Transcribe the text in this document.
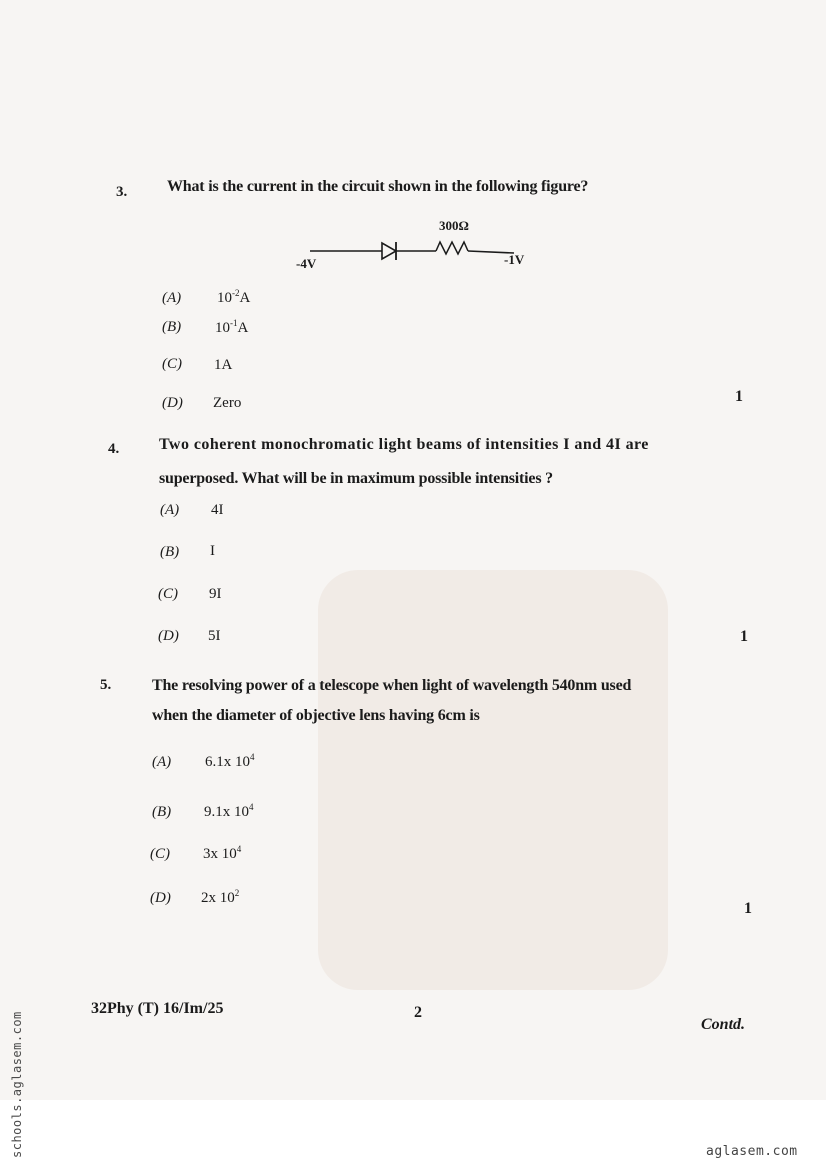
3. What is the current in the circuit shown in the following figure?
300Ω
-4V	-1V
(A) $10^{-2}A$
(B) $10^{-1}A$
(C) 1A
(D) Zero	1
4. Two coherent monochromatic light beams of intensities I and 4I are
superposed. What will be in maximum possible intensities ?
(A) 4I
(B) I
(C) 9I
(D) 5I	1
5.	The resolving power of a telescope when light of wavelength 540nm used
when the diameter of objective lens having 6cm is
(A) 6.1x $10^4$
(B) 9.1x $10^4$
(C) 3x $10^4$
(D) 2x $10^2$
1
32Phy (T) 16/Im/25	2
Contd.
schools.aglasem.com	aglasem.com
